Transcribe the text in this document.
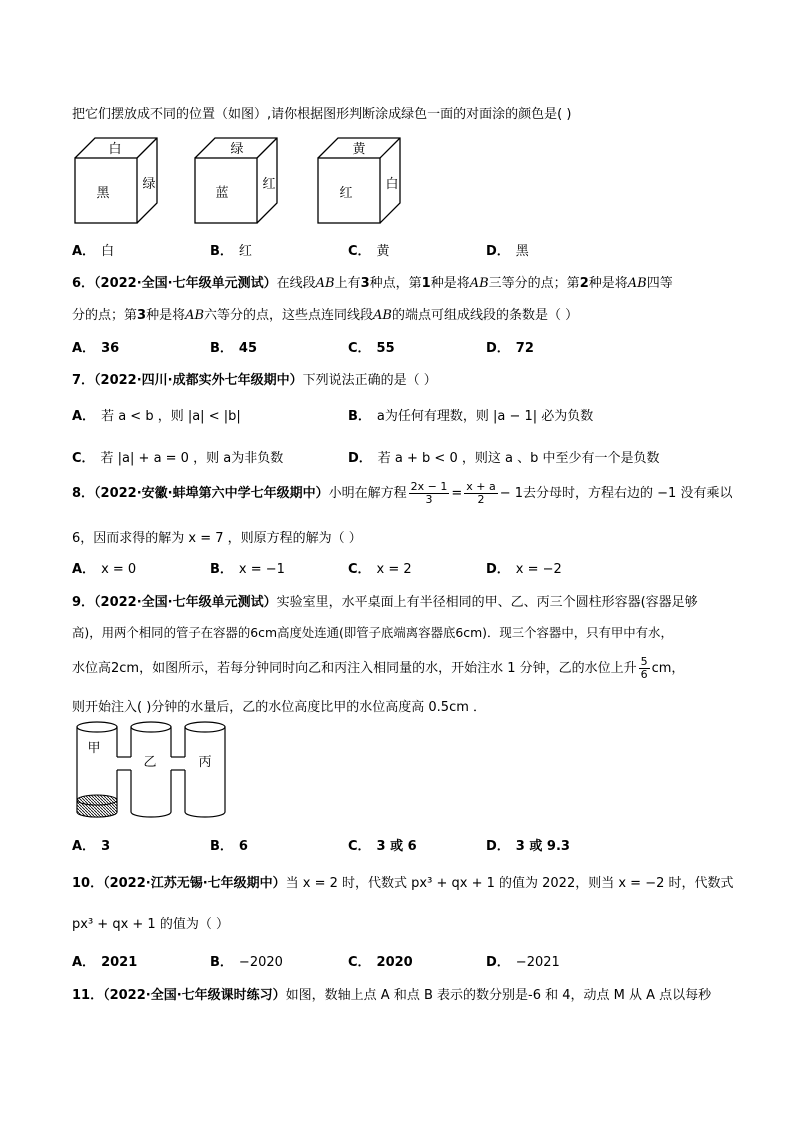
把它们摆放成不同的位置（如图）,请你根据图形判断涂成绿色一面的对面涂的颜色是( )
白
黑
绿
绿
蓝
红
黄
红
白
A． 白	B． 红	C． 黄	D． 黑
6．（2022·全国·七年级单元测试）在线段AB上有3种点，第1种是将AB三等分的点；第2种是将AB四等
分的点；第3种是将AB六等分的点，这些点连同线段AB的端点可组成线段的条数是（ ）
A． 36	B． 45	C． 55	D． 72
7．（2022·四川·成都实外七年级期中）下列说法正确的是（ ）
A． 若 a < b ，则 |a| < |b|	B． a为任何有理数，则 |a − 1| 必为负数
C． 若 |a| + a = 0 ，则 a为非负数	D． 若 a + b < 0 ，则这 a 、b 中至少有一个是负数
8．（2022·安徽·蚌埠第六中学七年级期中）小明在解方程 $\frac{2x - 1}{3} = \frac{x + a}{2} - 1$去分母时，方程右边的 −1 没有乘以
6，因而求得的解为 x = 7 ，则原方程的解为（ ）
A． x = 0	B． x = −1	C． x = 2	D． x = −2
9．（2022·全国·七年级单元测试）实验室里，水平桌面上有半径相同的甲、乙、丙三个圆柱形容器(容器足够
高)，用两个相同的管子在容器的6cm高度处连通(即管子底端离容器底6cm)．现三个容器中，只有甲中有水，
水位高2cm，如图所示，若每分钟同时向乙和丙注入相同量的水，开始注水 1 分钟，乙的水位上升 $\frac{5}{6}$ cm，
则开始注入( )分钟的水量后，乙的水位高度比甲的水位高度高 0.5cm ．
甲
乙	丙
A． 3	B． 6	C． 3 或 6	D． 3 或 9.3
10．（2022·江苏无锡·七年级期中）当 x = 2 时，代数式 px³ + qx + 1 的值为 2022，则当 x = −2 时，代数式
px³ + qx + 1 的值为（ ）
A． 2021	B． −2020	C． 2020	D． −2021
11．（2022·全国·七年级课时练习）如图，数轴上点 A 和点 B 表示的数分别是-6 和 4，动点 M 从 A 点以每秒
